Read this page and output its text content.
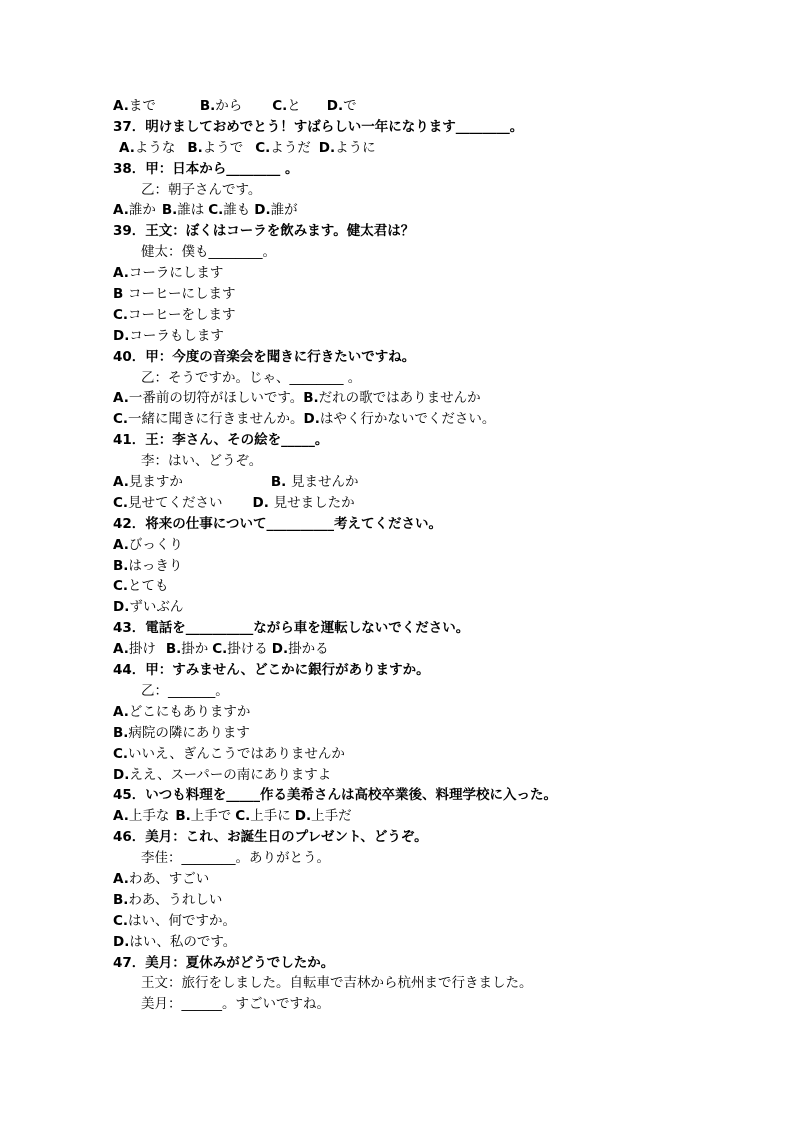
A.まで	B.から C.と D.で
37．明けましておめでとう！すばらしい一年になります________。
A.ような B.ようで C.ようだ D.ように
38．甲：日本から________ 。
乙：朝子さんです。
A.誰か B.誰は C.誰も D.誰が
39．王文：ぼくはコーラを飲みます。健太君は？
健太：僕も________。
A.コーラにします
B コーヒーにします
C.コーヒーをします
D.コーラもします
40．甲：今度の音楽会を聞きに行きたいですね。
乙：そうですか。じゃ、________ 。
A.一番前の切符がほしいです。B.だれの歌ではありませんか
C.一緒に聞きに行きませんか。D.はやく行かないでください。
41．王：李さん、その絵を_____。
李：はい、どうぞ。
A.見ますか	B. 見ませんか
C.見せてください D. 見せましたか
42．将来の仕事について__________考えてください。
A.びっくり
B.はっきり
C.とても
D.ずいぶん
43．電話を__________ながら車を運転しないでください。
A.掛け B.掛か C.掛ける D.掛かる
44．甲：すみません、どこかに銀行がありますか。
乙：_______。
A.どこにもありますか
B.病院の隣にあります
C.いいえ、ぎんこうではありませんか
D.ええ、スーパーの南にありますよ
45．いつも料理を_____作る美希さんは高校卒業後、料理学校に入った。
A.上手な B.上手で C.上手に D.上手だ
46．美月：これ、お誕生日のプレゼント、どうぞ。
李佳：________。ありがとう。
A.わあ、すごい
B.わあ、うれしい
C.はい、何ですか。
D.はい、私のです。
47．美月：夏休みがどうでしたか。
王文：旅行をしました。自転車で吉林から杭州まで行きました。
美月：______。すごいですね。
